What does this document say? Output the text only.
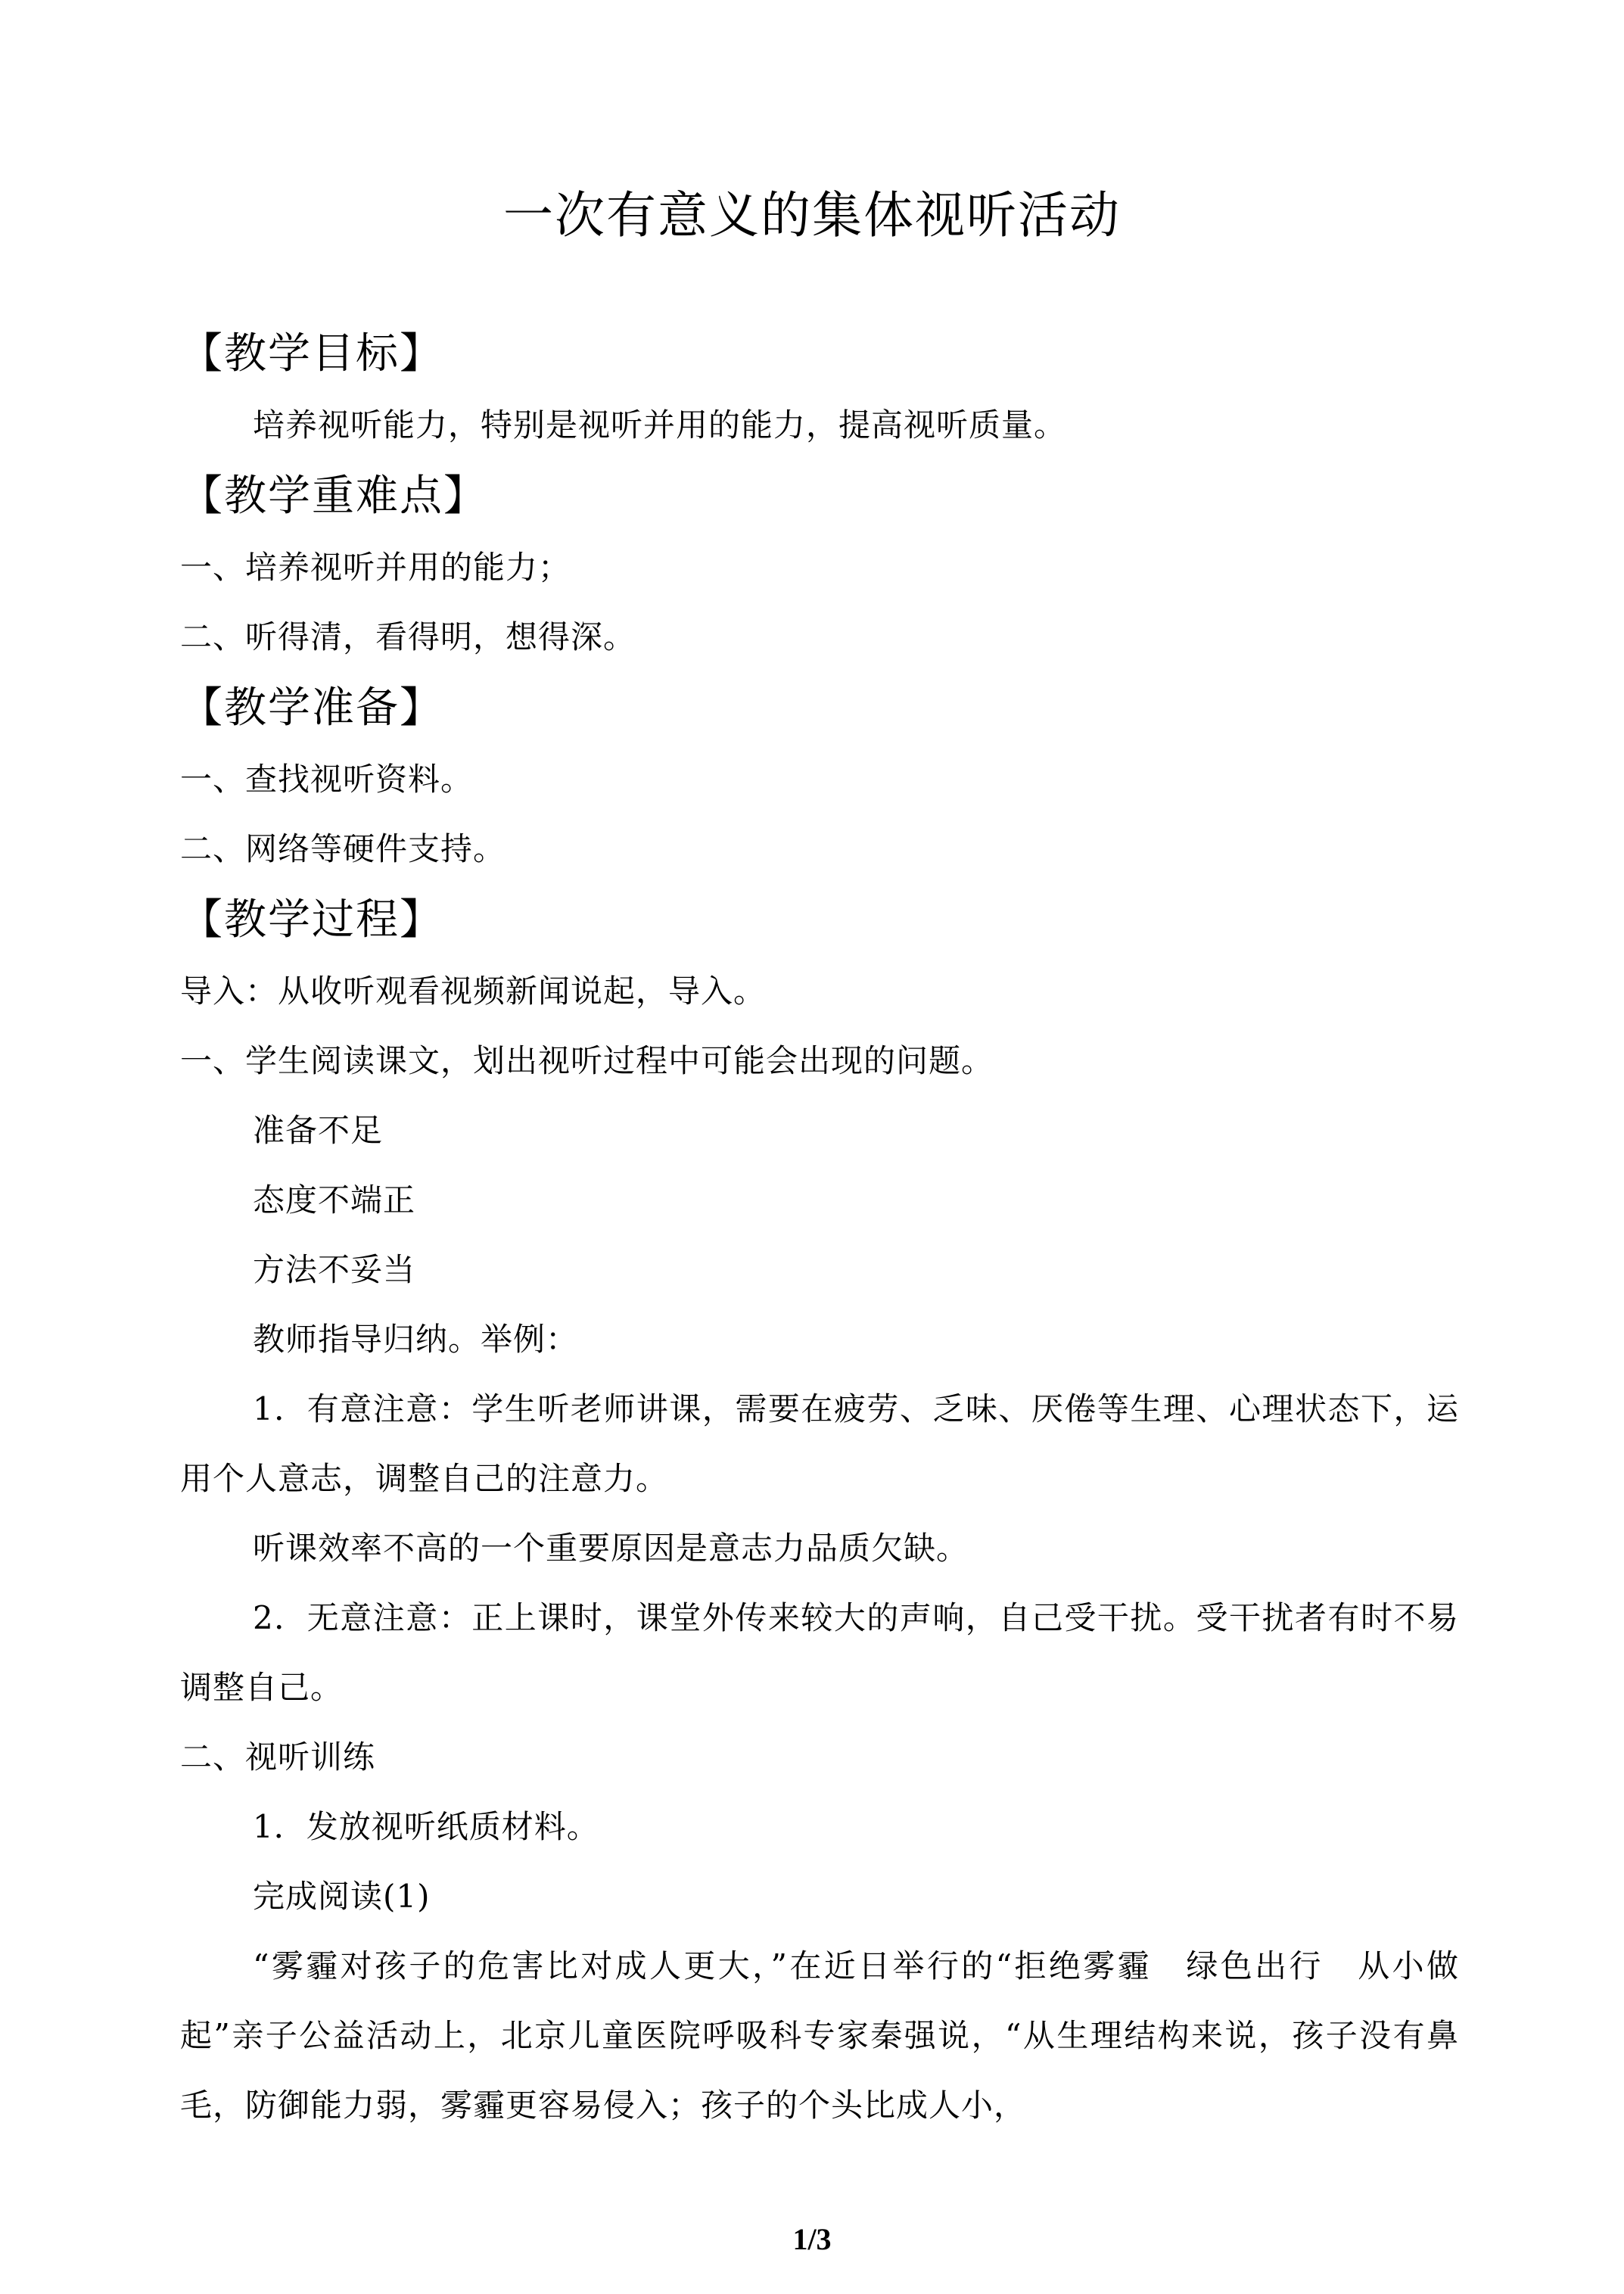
一次有意义的集体视听活动
【教学目标】
培养视听能力，特别是视听并用的能力，提高视听质量。
【教学重难点】
一、培养视听并用的能力；
二、听得清，看得明，想得深。
【教学准备】
一、查找视听资料。
二、网络等硬件支持。
【教学过程】
导入：从收听观看视频新闻说起，导入。
一、学生阅读课文，划出视听过程中可能会出现的问题。
准备不足
态度不端正
方法不妥当
教师指导归纳。举例：

1．有意注意：学生听老师讲课，需要在疲劳、乏味、厌倦等生理、心理状态下，运用个人意志，调整自己的注意力。

听课效率不高的一个重要原因是意志力品质欠缺。

2．无意注意：正上课时，课堂外传来较大的声响，自己受干扰。受干扰者有时不易调整自己。

二、视听训练
1．发放视听纸质材料。
完成阅读(1)

“雾霾对孩子的危害比对成人更大，”在近日举行的“拒绝雾霾　绿色出行　从小做起”亲子公益活动上，北京儿童医院呼吸科专家秦强说，“从生理结构来说，孩子没有鼻毛，防御能力弱，雾霾更容易侵入；孩子的个头比成人小，

1/3
